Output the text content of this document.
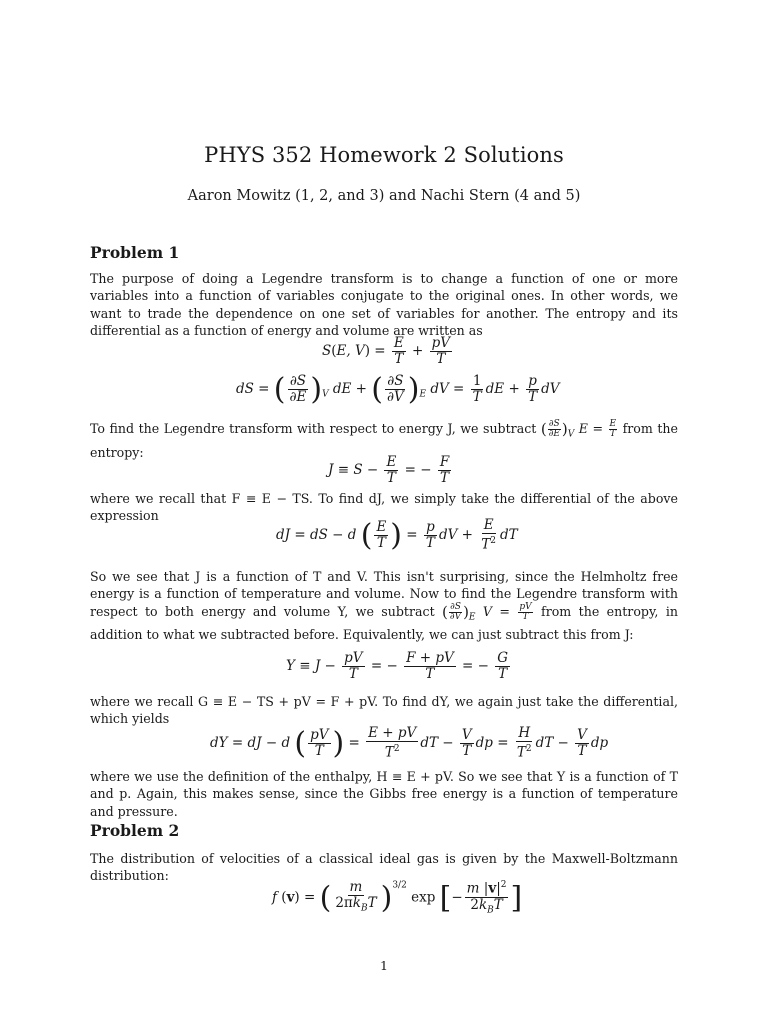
PHYS 352 Homework 2 Solutions
Aaron Mowitz (1, 2, and 3) and Nachi Stern (4 and 5)
Problem 1
The purpose of doing a Legendre transform is to change a function of one or more variables into a function of variables conjugate to the original ones. In other words, we want to trade the dependence on one set of variables for another. The entropy and its differential as a function of energy and volume are written as
S(E, $V) = \frac{E}{T} + \frac{pV}{T}$
dS = ( $\frac{\partial S}{\partial E} )_V$ dE + ( $\frac{\partial S}{\partial V} )_E$ dV = $\frac{1}{T}$ dE + $\frac{p}{T}$ dV
To find the Legendre transform with respect to energy J, we subtract ( $\frac{\partial S}{\partial E} )_V$ $E = \frac{E}{T}$ from the entropy:
$J \equiv S - \frac{E}{T}$ = − $\frac{F}{T}$
where we recall that F ≡ E − TS. To find dJ, we simply take the differential of the above expression
dJ = dS − d ( $\frac{E}{T}$ ) = $\frac{p}{T}$ dV + $\frac{E}{T^2}$ dT
So we see that J is a function of T and V. This isn't surprising, since the Helmholtz free energy is a function of temperature and volume. Now to find the Legendre transform with respect to both energy and volume Y, we subtract ( $\frac{\partial S}{\partial V} )_E$ $V = \frac{pV}{T}$ from the entropy, in addition to what we subtracted before. Equivalently, we can just subtract this from J:
$Y \equiv J - \frac{pV}{T}$ = − $\frac{F + pV}{T}$ = − $\frac{G}{T}$
where we recall G ≡ E − TS + pV = F + pV. To find dY, we again just take the differential, which yields
dY = dJ − d ( $\frac{pV}{T}$ ) = $\frac{E + pV}{T^2}$ dT − $\frac{V}{T}$ dp = $\frac{H}{T^2}$ dT − $\frac{V}{T}$ dp
where we use the definition of the enthalpy, H ≡ E + pV. So we see that Y is a function of T and p. Again, this makes sense, since the Gibbs free energy is a function of temperature and pressure.
Problem 2
The distribution of velocities of a classical ideal gas is given by the Maxwell-Boltzmann distribution:
f (v) = ( $\frac{m}{2\pi k_BT} )^{3/2}$ exp [− $\frac{m |v|^2}{2k_BT}$ ]
1
